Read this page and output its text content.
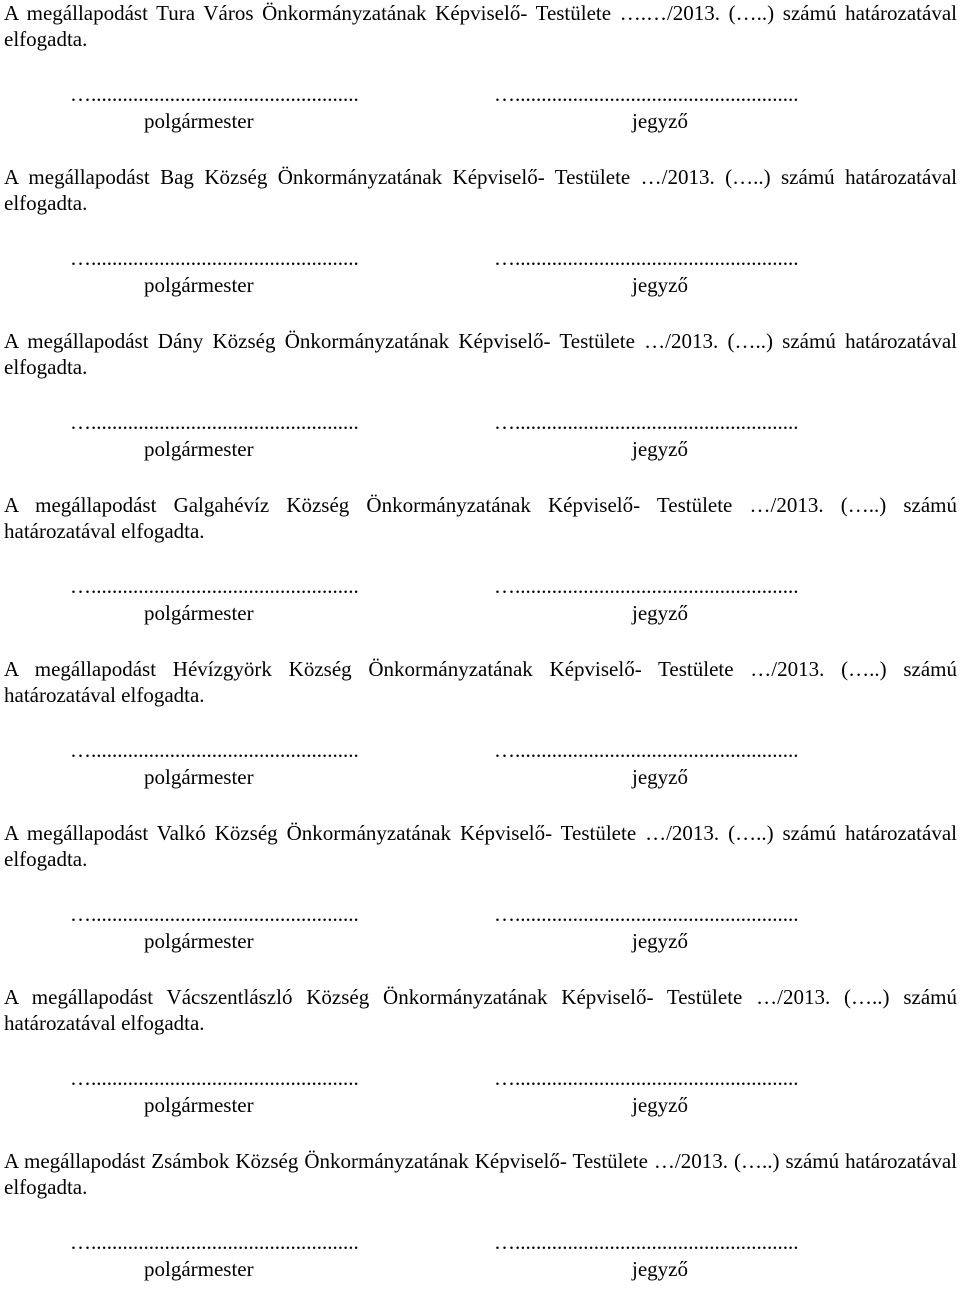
A megállapodást Tura Város Önkormányzatának Képviselő- Testülete ….…/2013. (…..) számú határozatával elfogadta.
…...................................................	…......................................................
polgármester	jegyző
A megállapodást Bag Község Önkormányzatának Képviselő- Testülete …/2013. (…..) számú határozatával elfogadta.
…...................................................	…......................................................
polgármester	jegyző
A megállapodást Dány Község Önkormányzatának Képviselő- Testülete …/2013. (…..) számú határozatával elfogadta.
…...................................................	…......................................................
polgármester	jegyző
A megállapodást Galgahévíz Község Önkormányzatának Képviselő- Testülete …/2013. (…..) számú határozatával elfogadta.
…...................................................	…......................................................
polgármester	jegyző
A megállapodást Hévízgyörk Község Önkormányzatának Képviselő- Testülete …/2013. (…..) számú határozatával elfogadta.
…...................................................	…......................................................
polgármester	jegyző
A megállapodást Valkó Község Önkormányzatának Képviselő- Testülete …/2013. (…..) számú határozatával elfogadta.
…...................................................	…......................................................
polgármester	jegyző
A megállapodást Vácszentlászló Község Önkormányzatának Képviselő- Testülete …/2013. (…..) számú határozatával elfogadta.
…...................................................	…......................................................
polgármester	jegyző
A megállapodást Zsámbok Község Önkormányzatának Képviselő- Testülete …/2013. (…..) számú határozatával elfogadta.
…...................................................	…......................................................
polgármester	jegyző
